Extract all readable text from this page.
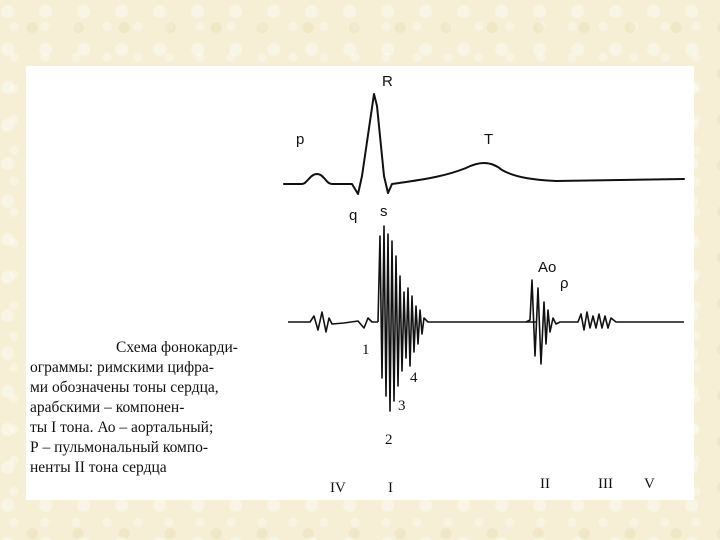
p
R
T
q s
Ao
ρ
1
2
3
4
IV	I	II	III V
Схема фонокарди-
ограммы: римскими цифра-
ми обозначены тоны сердца,
арабскими – компонен-
ты I тона. Ао – аортальный;
Р – пульмональный компо-
ненты II тона сердца
